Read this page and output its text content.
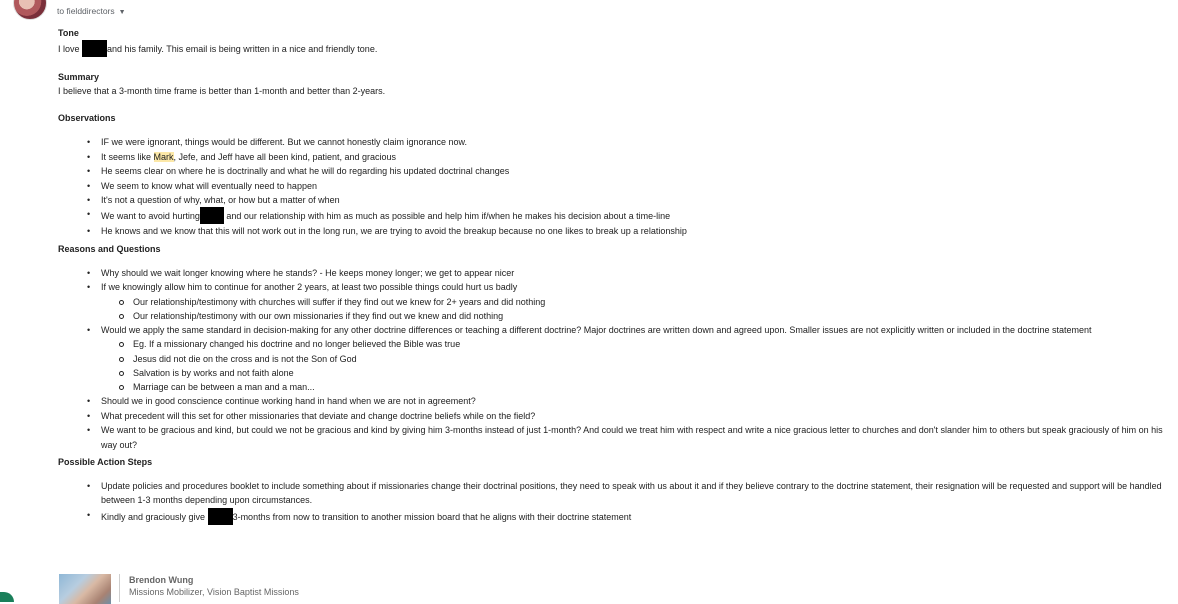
to fielddirectors ▼
Tone
I love	and his family. This email is being written in a nice and friendly tone.
Summary
I believe that a 3-month time frame is better than 1-month and better than 2-years.
Observations
• IF we were ignorant, things would be different. But we cannot honestly claim ignorance now.
• It seems like Mark, Jefe, and Jeff have all been kind, patient, and gracious
• He seems clear on where he is doctrinally and what he will do regarding his updated doctrinal changes
• We seem to know what will eventually need to happen
• It's not a question of why, what, or how but a matter of when
• We want to avoid hurting	and our relationship with him as much as possible and help him if/when he makes his decision about a time-line
• He knows and we know that this will not work out in the long run, we are trying to avoid the breakup because no one likes to break up a relationship
Reasons and Questions
• Why should we wait longer knowing where he stands? - He keeps money longer; we get to appear nicer
• If we knowingly allow him to continue for another 2 years, at least two possible things could hurt us badly
Our relationship/testimony with churches will suffer if they find out we knew for 2+ years and did nothing
Our relationship/testimony with our own missionaries if they find out we knew and did nothing
• Would we apply the same standard in decision-making for any other doctrine differences or teaching a different doctrine? Major doctrines are written down and agreed upon. Smaller issues are not explicitly written or included in the doctrine statement
Eg. If a missionary changed his doctrine and no longer believed the Bible was true
Jesus did not die on the cross and is not the Son of God
Salvation is by works and not faith alone
Marriage can be between a man and a man...
• Should we in good conscience continue working hand in hand when we are not in agreement?
• What precedent will this set for other missionaries that deviate and change doctrine beliefs while on the field?
• We want to be gracious and kind, but could we not be gracious and kind by giving him 3-months instead of just 1-month? And could we treat him with respect and write a nice gracious letter to churches and don't slander him to others but speak graciously of him on his way out?
Possible Action Steps
• Update policies and procedures booklet to include something about if missionaries change their doctrinal positions, they need to speak with us about it and if they believe contrary to the doctrine statement, their resignation will be requested and support will be handled between 1-3 months depending upon circumstances.
• Kindly and graciously give	3-months from now to transition to another mission board that he aligns with their doctrine statement
Brendon Wung
Missions Mobilizer, Vision Baptist Missions
